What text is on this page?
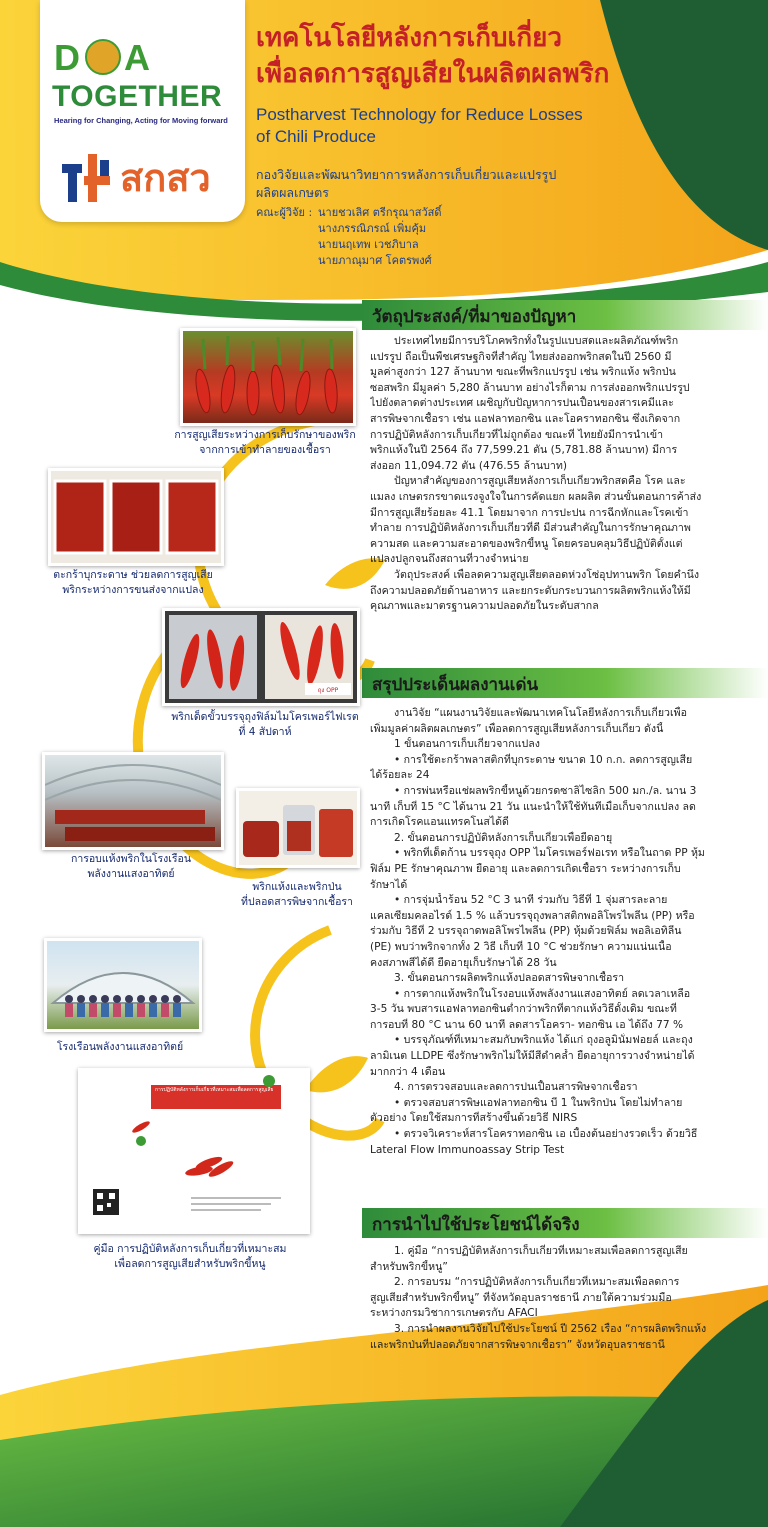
D A
TOGETHER
Hearing for Changing, Acting for Moving forward
สกสว
เทคโนโลยีหลังการเก็บเกี่ยว
เพื่อลดการสูญเสียในผลิตผลพริก
Postharvest Technology for Reduce Losses
of Chili Produce
กองวิจัยและพัฒนาวิทยาการหลังการเก็บเกี่ยวและแปรรูป
ผลิตผลเกษตร
คณะผู้วิจัย : นายชวเลิศ ตรีกรุณาสวัสดิ์
นางภรรณิภรณ์ เพิ่มคุ้ม
นายนฤเทพ เวชภิบาล
นายภาณุมาศ โคตรพงศ์
วัตถุประสงค์/ที่มาของปัญหา
ประเทศไทยมีการบริโภคพริกทั้งในรูปแบบสดและผลิตภัณฑ์พริก
แปรรูป ถือเป็นพืชเศรษฐกิจที่สำคัญ ไทยส่งออกพริกสดในปี 2560 มี
มูลค่าสูงกว่า 127 ล้านบาท ขณะที่พริกแปรรูป เช่น พริกแห้ง พริกป่น
ซอสพริก มีมูลค่า 5,280 ล้านบาท อย่างไรก็ตาม การส่งออกพริกแปรรูป
ไปยังตลาดต่างประเทศ เผชิญกับปัญหาการปนเปื้อนของสารเคมีและ
สารพิษจากเชื้อรา เช่น แอฟลาทอกซิน และโอคราทอกซิน ซึ่งเกิดจาก
การปฏิบัติหลังการเก็บเกี่ยวที่ไม่ถูกต้อง ขณะที่ ไทยยังมีการนำเข้า
พริกแห้งในปี 2564 ถึง 77,599.21 ตัน (5,781.88 ล้านบาท) มีการ
ส่งออก 11,094.72 ตัน (476.55 ล้านบาท)
ปัญหาสำคัญของการสูญเสียหลังการเก็บเกี่ยวพริกสดคือ โรค และ
แมลง เกษตรกรขาดแรงจูงใจในการคัดแยก ผลผลิต ส่วนขั้นตอนการค้าส่ง
มีการสูญเสียร้อยละ 41.1 โดยมาจาก การปะปน การฉีกหักและโรคเข้า
ทำลาย การปฏิบัติหลังการเก็บเกี่ยวที่ดี มีส่วนสำคัญในการรักษาคุณภาพ
ความสด และความสะอาดของพริกขี้หนู โดยครอบคลุมวิธีปฏิบัติตั้งแต่
แปลงปลูกจนถึงสถานที่วางจำหน่าย
วัตถุประสงค์ เพื่อลดความสูญเสียตลอดห่วงโซ่อุปทานพริก โดยคำนึง
ถึงความปลอดภัยด้านอาหาร และยกระดับกระบวนการผลิตพริกแห้งให้มี
คุณภาพและมาตรฐานความปลอดภัยในระดับสากล
สรุปประเด็นผลงานเด่น
งานวิจัย “แผนงานวิจัยและพัฒนาเทคโนโลยีหลังการเก็บเกี่ยวเพื่อ
เพิ่มมูลค่าผลิตผลเกษตร” เพื่อลดการสูญเสียหลังการเก็บเกี่ยว ดังนี้
1 ขั้นตอนการเก็บเกี่ยวจากแปลง
• การใช้ตะกร้าพลาสติกที่บุกระดาษ ขนาด 10 ก.ก. ลดการสูญเสีย
ได้ร้อยละ 24
• การพ่นหรือแช่ผลพริกขี้หนูด้วยกรดซาลิไซลิก 500 มก./ล. นาน 3
นาที เก็บที่ 15 °C ได้นาน 21 วัน แนะนำให้ใช้ทันทีเมื่อเก็บจากแปลง ลด
การเกิดโรคแอนแทรคโนสได้ดี
2. ขั้นตอนการปฏิบัติหลังการเก็บเกี่ยวเพื่อยืดอายุ
• พริกที่เด็ดก้าน บรรจุถุง OPP ไมโครเพอร์ฟอเรท หรือในถาด PP หุ้ม
ฟิล์ม PE รักษาคุณภาพ ยืดอายุ และลดการเกิดเชื้อรา ระหว่างการเก็บ
รักษาได้
• การจุ่มน้ำร้อน 52 °C 3 นาที ร่วมกับ วิธีที่ 1 จุ่มสารละลาย
แคลเซียมคลอไรด์ 1.5 % แล้วบรรจุถุงพลาสติกพอลิโพรไพลีน (PP) หรือ
ร่วมกับ วิธีที่ 2 บรรจุถาดพอลิโพรไพลีน (PP) หุ้มด้วยฟิล์ม พอลิเอทิลีน
(PE) พบว่าพริกจากทั้ง 2 วิธี เก็บที่ 10 °C ช่วยรักษา ความแน่นเนื้อ
คงสภาพสีได้ดี ยืดอายุเก็บรักษาได้ 28 วัน
3. ขั้นตอนการผลิตพริกแห้งปลอดสารพิษจากเชื้อรา
• การตากแห้งพริกในโรงอบแห้งพลังงานแสงอาทิตย์ ลดเวลาเหลือ
3-5 วัน พบสารแอฟลาทอกซินต่ำกว่าพริกที่ตากแห้งวิธีดั้งเดิม ขณะที่
การอบที่ 80 °C นาน 60 นาที ลดสารโอครา- ทอกซิน เอ ได้ถึง 77 %
• บรรจุภัณฑ์ที่เหมาะสมกับพริกแห้ง ได้แก่ ถุงอลูมินั่มฟอยล์ และถุง
ลามิเนต LLDPE ซึ่งรักษาพริกไม่ให้มีสีดำคล้ำ ยืดอายุการวางจำหน่ายได้
มากกว่า 4 เดือน
4. การตรวจสอบและลดการปนเปื้อนสารพิษจากเชื้อรา
• ตรวจสอบสารพิษแอฟลาทอกซิน บี 1 ในพริกป่น โดยไม่ทำลาย
ตัวอย่าง โดยใช้สมการที่สร้างขึ้นด้วยวิธี NIRS
• ตรวจวิเคราะห์สารโอคราทอกซิน เอ เบื้องต้นอย่างรวดเร็ว ด้วยวิธี
Lateral Flow Immunoassay Strip Test
การนำไปใช้ประโยชน์ได้จริง
1. คู่มือ “การปฏิบัติหลังการเก็บเกี่ยวที่เหมาะสมเพื่อลดการสูญเสีย
สำหรับพริกขี้หนู”
2. การอบรม “การปฏิบัติหลังการเก็บเกี่ยวที่เหมาะสมเพื่อลดการ
สูญเสียสำหรับพริกขี้หนู” ที่จังหวัดอุบลราชธานี ภายใต้ความร่วมมือ
ระหว่างกรมวิชาการเกษตรกับ AFACI
3. การนำผลงานวิจัยไปใช้ประโยชน์ ปี 2562 เรื่อง “การผลิตพริกแห้ง
และพริกป่นที่ปลอดภัยจากสารพิษจากเชื้อรา” จังหวัดอุบลราชธานี
การสูญเสียระหว่างการเก็บรักษาของพริก
จากการเข้าทำลายของเชื้อรา
ตะกร้าบุกระดาษ ช่วยลดการสูญเสีย
พริกระหว่างการขนส่งจากแปลง
ถุง OPP
พริกเด็ดขั้วบรรจุถุงฟิล์มไมโครเพอร์ไฟเรต
ที่ 4 สัปดาห์
การอบแห้งพริกในโรงเรือน
พลังงานแสงอาทิตย์
พริกแห้งและพริกป่น
ที่ปลอดสารพิษจากเชื้อรา
โรงเรือนพลังงานแสงอาทิตย์
การปฏิบัติหลังการเก็บเกี่ยวที่เหมาะสมเพื่อลดการสูญเสีย
คู่มือ การปฏิบัติหลังการเก็บเกี่ยวที่เหมาะสม
เพื่อลดการสูญเสียสำหรับพริกขี้หนู
